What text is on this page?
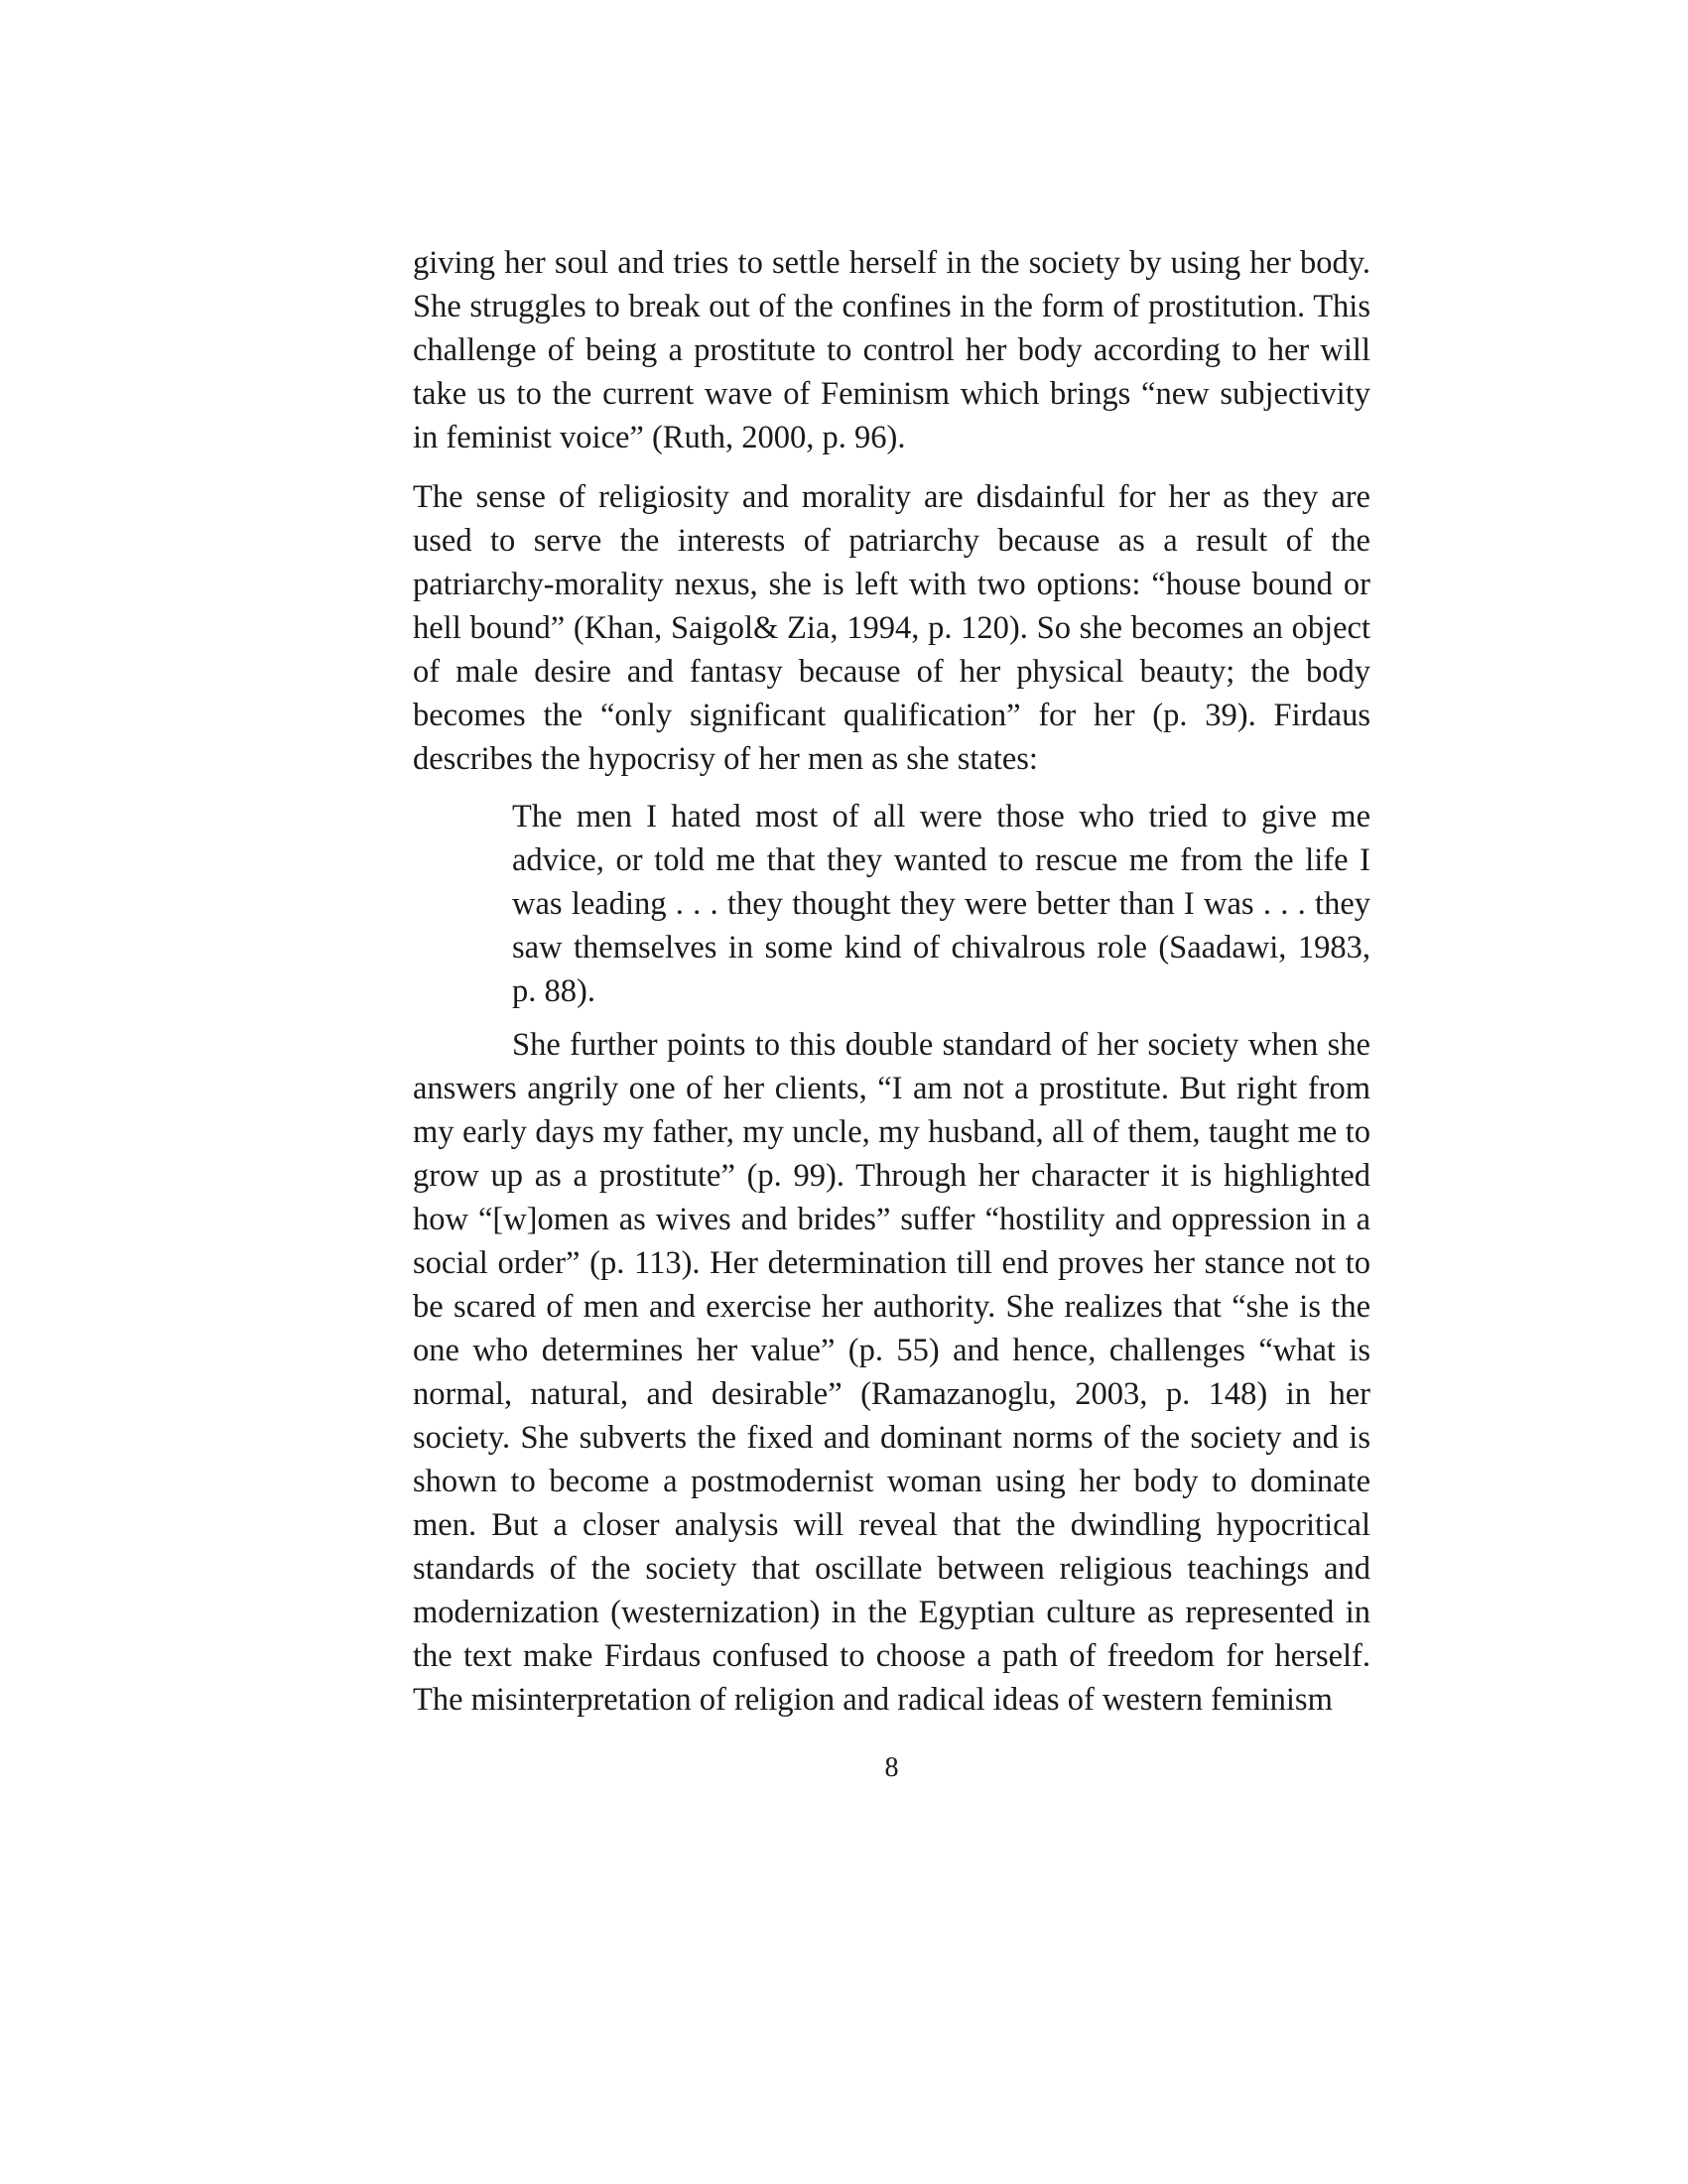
giving her soul and tries to settle herself in the society by using her body. She struggles to break out of the confines in the form of prostitution. This challenge of being a prostitute to control her body according to her will take us to the current wave of Feminism which brings “new subjectivity in feminist voice” (Ruth, 2000, p. 96).

The sense of religiosity and morality are disdainful for her as they are used to serve the interests of patriarchy because as a result of the patriarchy-morality nexus, she is left with two options: “house bound or hell bound” (Khan, Saigol& Zia, 1994, p. 120). So she becomes an object of male desire and fantasy because of her physical beauty; the body becomes the “only significant qualification” for her (p. 39). Firdaus describes the hypocrisy of her men as she states:

The men I hated most of all were those who tried to give me advice, or told me that they wanted to rescue me from the life I was leading . . . they thought they were better than I was . . . they saw themselves in some kind of chivalrous role (Saadawi, 1983, p. 88).

She further points to this double standard of her society when she answers angrily one of her clients, “I am not a prostitute. But right from my early days my father, my uncle, my husband, all of them, taught me to grow up as a prostitute” (p. 99). Through her character it is highlighted how “[w]omen as wives and brides” suffer “hostility and oppression in a social order” (p. 113). Her determination till end proves her stance not to be scared of men and exercise her authority. She realizes that “she is the one who determines her value” (p. 55) and hence, challenges “what is normal, natural, and desirable” (Ramazanoglu, 2003, p. 148) in her society. She subverts the fixed and dominant norms of the society and is shown to become a postmodernist woman using her body to dominate men. But a closer analysis will reveal that the dwindling hypocritical standards of the society that oscillate between religious teachings and modernization (westernization) in the Egyptian culture as represented in the text make Firdaus confused to choose a path of freedom for herself. The misinterpretation of religion and radical ideas of western feminism

8
